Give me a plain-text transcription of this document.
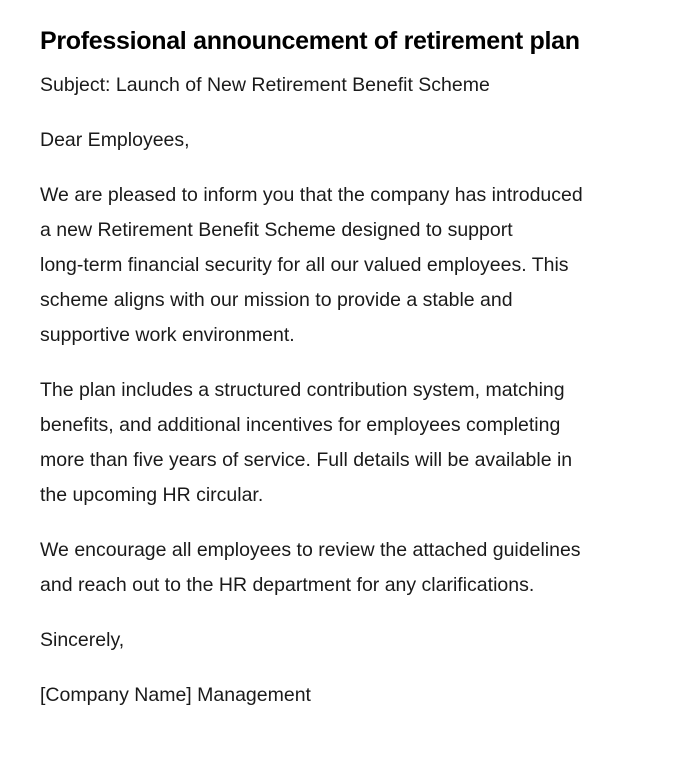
Professional announcement of retirement plan

Subject: Launch of New Retirement Benefit Scheme

Dear Employees,

We are pleased to inform you that the company has introduced
a new Retirement Benefit Scheme designed to support
long-term financial security for all our valued employees. This
scheme aligns with our mission to provide a stable and
supportive work environment.

The plan includes a structured contribution system, matching
benefits, and additional incentives for employees completing
more than five years of service. Full details will be available in
the upcoming HR circular.

We encourage all employees to review the attached guidelines
and reach out to the HR department for any clarifications.

Sincerely,

[Company Name] Management
